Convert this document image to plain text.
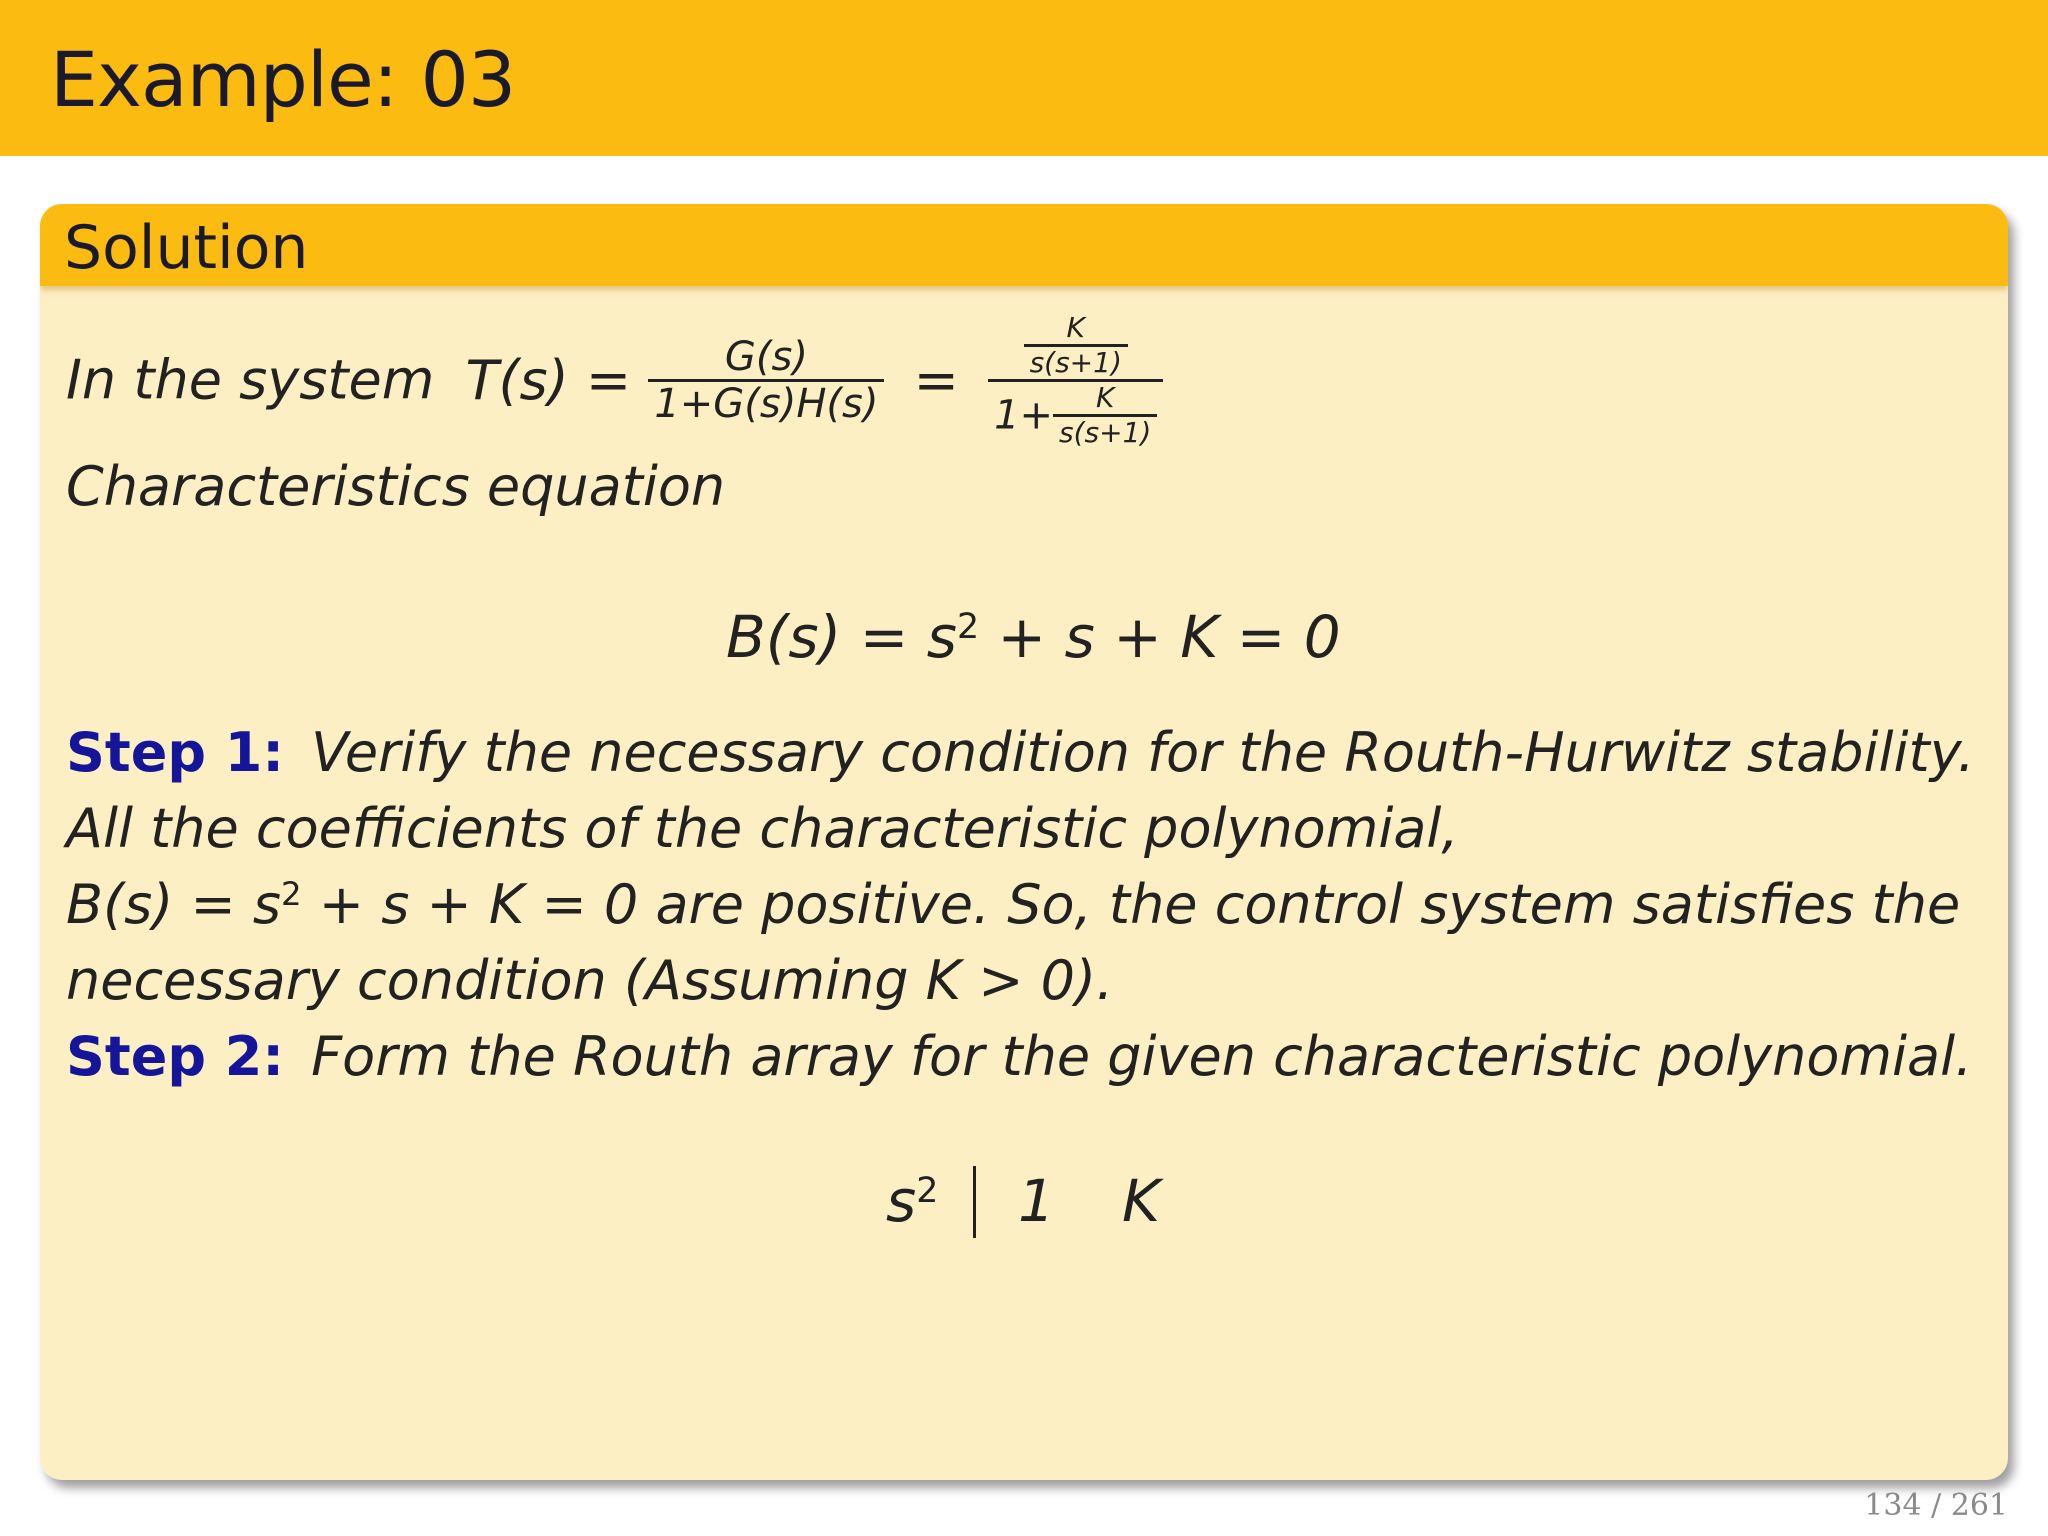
Example: 03
Solution
In the system $T(s) = \frac{G(s)}{1+G(s)H(s)} = \frac{\frac{K}{s(s+1)}}{1+ \frac{K}{s(s+1)}}$
Characteristics equation
$B(s) = s^2 + s + K = 0$
Step 1: Verify the necessary condition for the Routh-Hurwitz stability.
All the coefficients of the characteristic polynomial,
$B(s) = s^2 + s + K = 0$ are positive. So, the control system satisfies the
necessary condition (Assuming K > 0).
Step 2: Form the Routh array for the given characteristic polynomial.
$s^2$ 1 K
134 / 261
